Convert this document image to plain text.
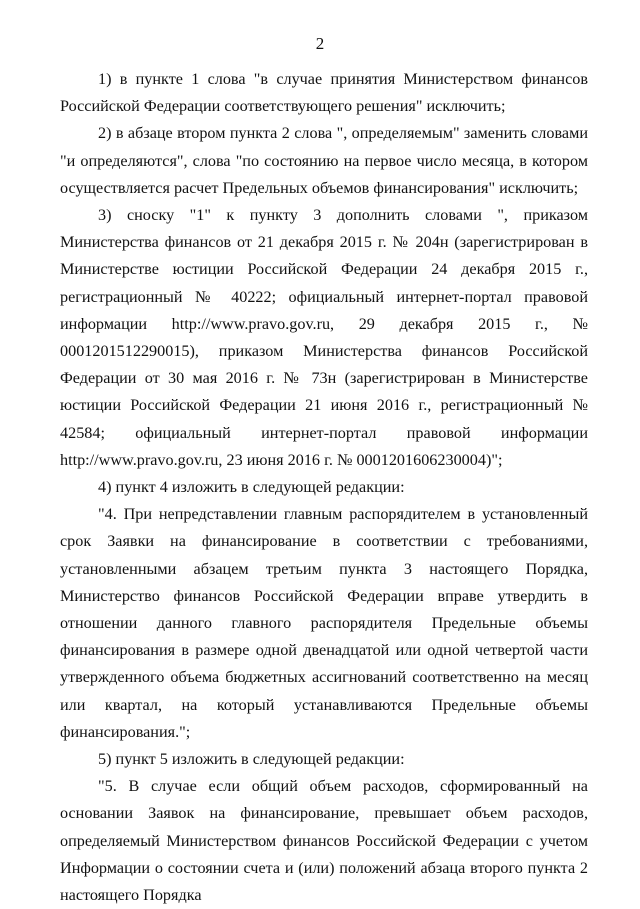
2

1) в пункте 1 слова "в случае принятия Министерством финансов Российской Федерации соответствующего решения" исключить;

2) в абзаце втором пункта 2 слова ", определяемым" заменить словами "и определяются", слова "по состоянию на первое число месяца, в котором осуществляется расчет Предельных объемов финансирования" исключить;

3) сноску "1" к пункту 3 дополнить словами ", приказом Министерства финансов от 21 декабря 2015 г. № 204н (зарегистрирован в Министерстве юстиции Российской Федерации 24 декабря 2015 г., регистрационный № 40222; официальный интернет-портал правовой информации http://www.pravo.gov.ru, 29 декабря 2015 г., № 0001201512290015), приказом Министерства финансов Российской Федерации от 30 мая 2016 г. № 73н (зарегистрирован в Министерстве юстиции Российской Федерации 21 июня 2016 г., регистрационный № 42584; официальный интернет-портал правовой информации http://www.pravo.gov.ru, 23 июня 2016 г. № 0001201606230004)";

4) пункт 4 изложить в следующей редакции:

"4. При непредставлении главным распорядителем в установленный срок Заявки на финансирование в соответствии с требованиями, установленными абзацем третьим пункта 3 настоящего Порядка, Министерство финансов Российской Федерации вправе утвердить в отношении данного главного распорядителя Предельные объемы финансирования в размере одной двенадцатой или одной четвертой части утвержденного объема бюджетных ассигнований соответственно на месяц или квартал, на который устанавливаются Предельные объемы финансирования.";

5) пункт 5 изложить в следующей редакции:

"5. В случае если общий объем расходов, сформированный на основании Заявок на финансирование, превышает объем расходов, определяемый Министерством финансов Российской Федерации с учетом Информации о состоянии счета и (или) положений абзаца второго пункта 2 настоящего Порядка
